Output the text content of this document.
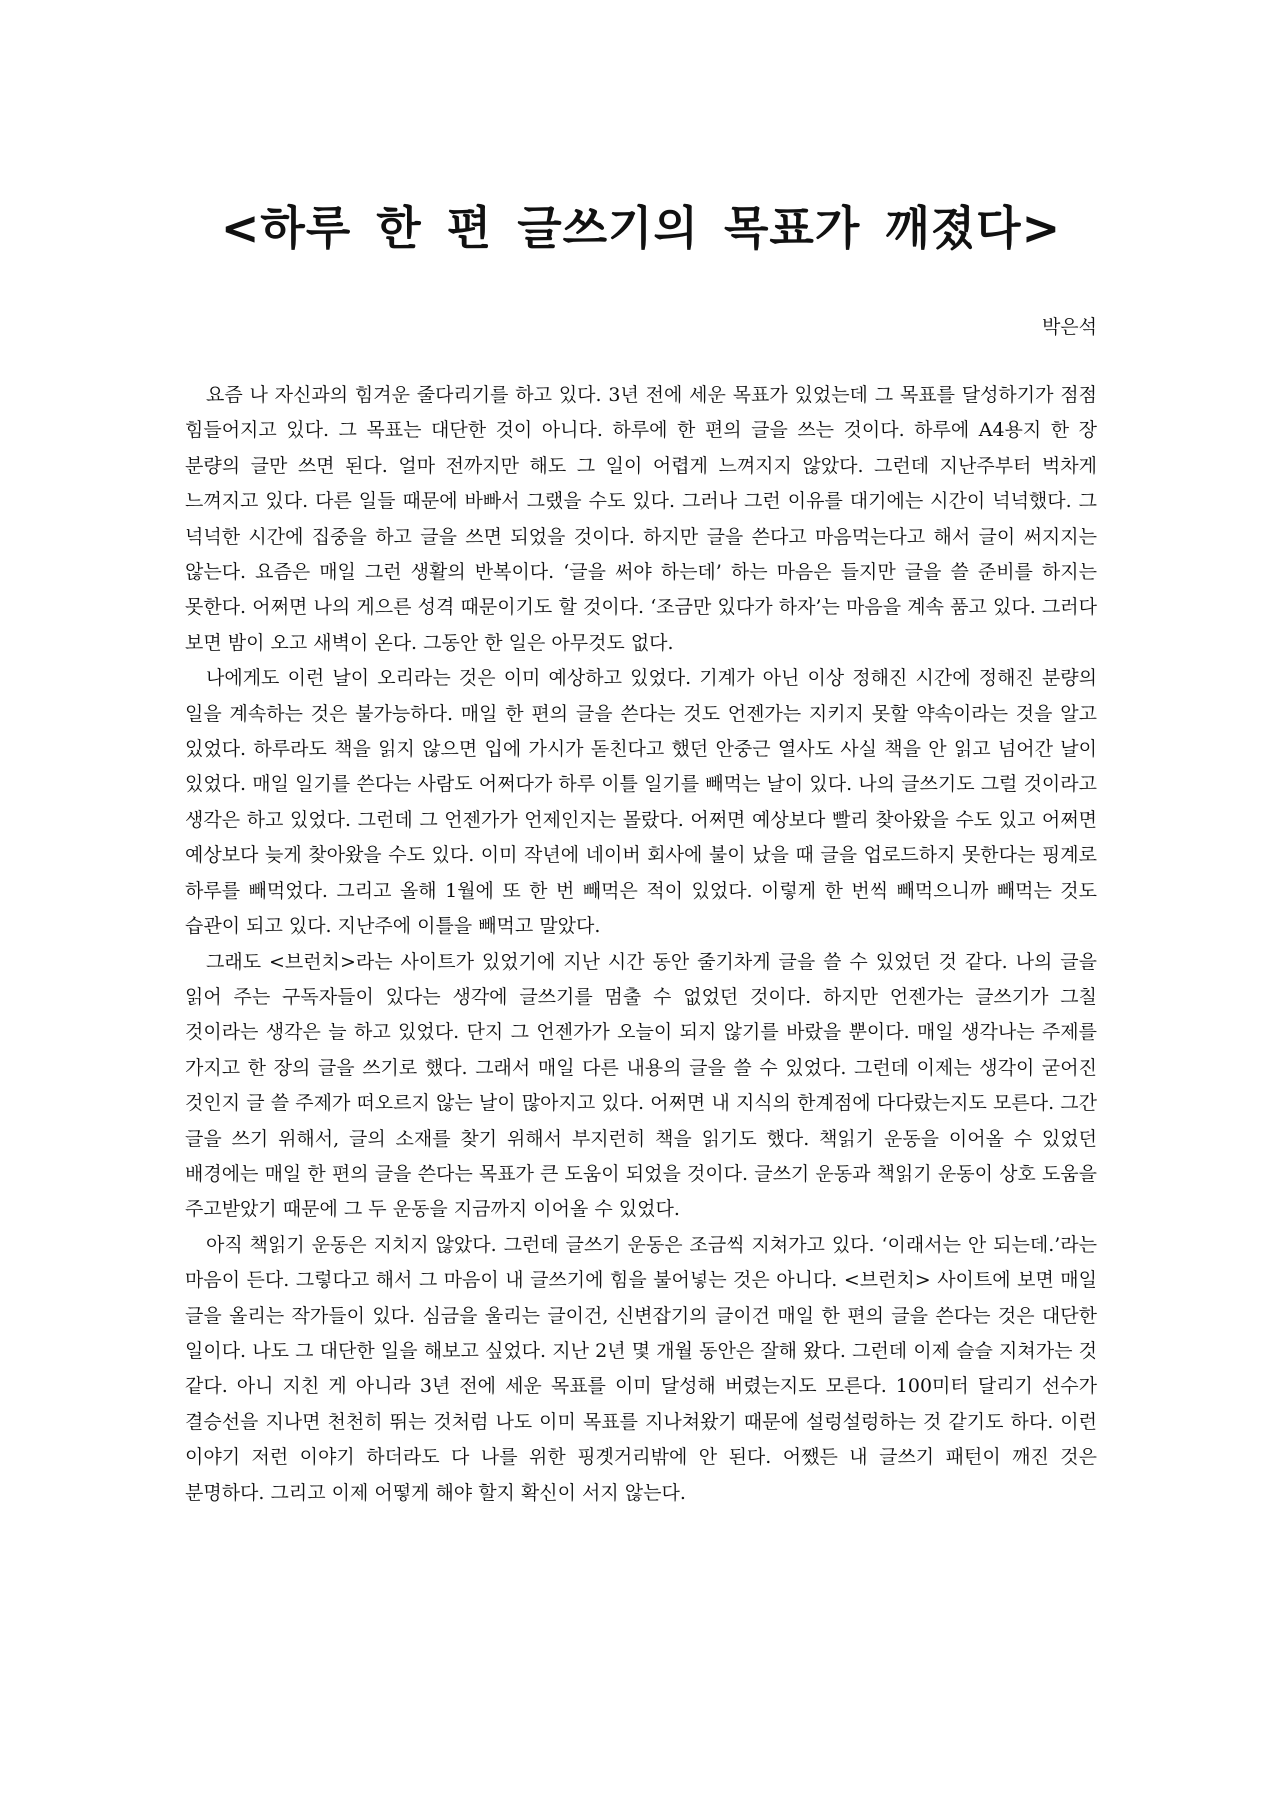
<하루 한 편 글쓰기의 목표가 깨졌다>

박은석

요즘 나 자신과의 힘겨운 줄다리기를 하고 있다. 3년 전에 세운 목표가 있었는데 그 목표를 달성하기가 점점 힘들어지고 있다. 그 목표는 대단한 것이 아니다. 하루에 한 편의 글을 쓰는 것이다. 하루에 A4용지 한 장 분량의 글만 쓰면 된다. 얼마 전까지만 해도 그 일이 어렵게 느껴지지 않았다. 그런데 지난주부터 벅차게 느껴지고 있다. 다른 일들 때문에 바빠서 그랬을 수도 있다. 그러나 그런 이유를 대기에는 시간이 넉넉했다. 그 넉넉한 시간에 집중을 하고 글을 쓰면 되었을 것이다. 하지만 글을 쓴다고 마음먹는다고 해서 글이 써지지는 않는다. 요즘은 매일 그런 생활의 반복이다. ‘글을 써야 하는데’ 하는 마음은 들지만 글을 쓸 준비를 하지는 못한다. 어쩌면 나의 게으른 성격 때문이기도 할 것이다. ‘조금만 있다가 하자’는 마음을 계속 품고 있다. 그러다 보면 밤이 오고 새벽이 온다. 그동안 한 일은 아무것도 없다.

나에게도 이런 날이 오리라는 것은 이미 예상하고 있었다. 기계가 아닌 이상 정해진 시간에 정해진 분량의 일을 계속하는 것은 불가능하다. 매일 한 편의 글을 쓴다는 것도 언젠가는 지키지 못할 약속이라는 것을 알고 있었다. 하루라도 책을 읽지 않으면 입에 가시가 돋친다고 했던 안중근 열사도 사실 책을 안 읽고 넘어간 날이 있었다. 매일 일기를 쓴다는 사람도 어쩌다가 하루 이틀 일기를 빼먹는 날이 있다. 나의 글쓰기도 그럴 것이라고 생각은 하고 있었다. 그런데 그 언젠가가 언제인지는 몰랐다. 어쩌면 예상보다 빨리 찾아왔을 수도 있고 어쩌면 예상보다 늦게 찾아왔을 수도 있다. 이미 작년에 네이버 회사에 불이 났을 때 글을 업로드하지 못한다는 핑계로 하루를 빼먹었다. 그리고 올해 1월에 또 한 번 빼먹은 적이 있었다. 이렇게 한 번씩 빼먹으니까 빼먹는 것도 습관이 되고 있다. 지난주에 이틀을 빼먹고 말았다.

그래도 <브런치>라는 사이트가 있었기에 지난 시간 동안 줄기차게 글을 쓸 수 있었던 것 같다. 나의 글을 읽어 주는 구독자들이 있다는 생각에 글쓰기를 멈출 수 없었던 것이다. 하지만 언젠가는 글쓰기가 그칠 것이라는 생각은 늘 하고 있었다. 단지 그 언젠가가 오늘이 되지 않기를 바랐을 뿐이다. 매일 생각나는 주제를 가지고 한 장의 글을 쓰기로 했다. 그래서 매일 다른 내용의 글을 쓸 수 있었다. 그런데 이제는 생각이 굳어진 것인지 글 쓸 주제가 떠오르지 않는 날이 많아지고 있다. 어쩌면 내 지식의 한계점에 다다랐는지도 모른다. 그간 글을 쓰기 위해서, 글의 소재를 찾기 위해서 부지런히 책을 읽기도 했다. 책읽기 운동을 이어올 수 있었던 배경에는 매일 한 편의 글을 쓴다는 목표가 큰 도움이 되었을 것이다. 글쓰기 운동과 책읽기 운동이 상호 도움을 주고받았기 때문에 그 두 운동을 지금까지 이어올 수 있었다.

아직 책읽기 운동은 지치지 않았다. 그런데 글쓰기 운동은 조금씩 지쳐가고 있다. ‘이래서는 안 되는데.’라는 마음이 든다. 그렇다고 해서 그 마음이 내 글쓰기에 힘을 불어넣는 것은 아니다. <브런치> 사이트에 보면 매일 글을 올리는 작가들이 있다. 심금을 울리는 글이건, 신변잡기의 글이건 매일 한 편의 글을 쓴다는 것은 대단한 일이다. 나도 그 대단한 일을 해보고 싶었다. 지난 2년 몇 개월 동안은 잘해 왔다. 그런데 이제 슬슬 지쳐가는 것 같다. 아니 지친 게 아니라 3년 전에 세운 목표를 이미 달성해 버렸는지도 모른다. 100미터 달리기 선수가 결승선을 지나면 천천히 뛰는 것처럼 나도 이미 목표를 지나쳐왔기 때문에 설렁설렁하는 것 같기도 하다. 이런 이야기 저런 이야기 하더라도 다 나를 위한 핑곗거리밖에 안 된다. 어쨌든 내 글쓰기 패턴이 깨진 것은 분명하다. 그리고 이제 어떻게 해야 할지 확신이 서지 않는다.
